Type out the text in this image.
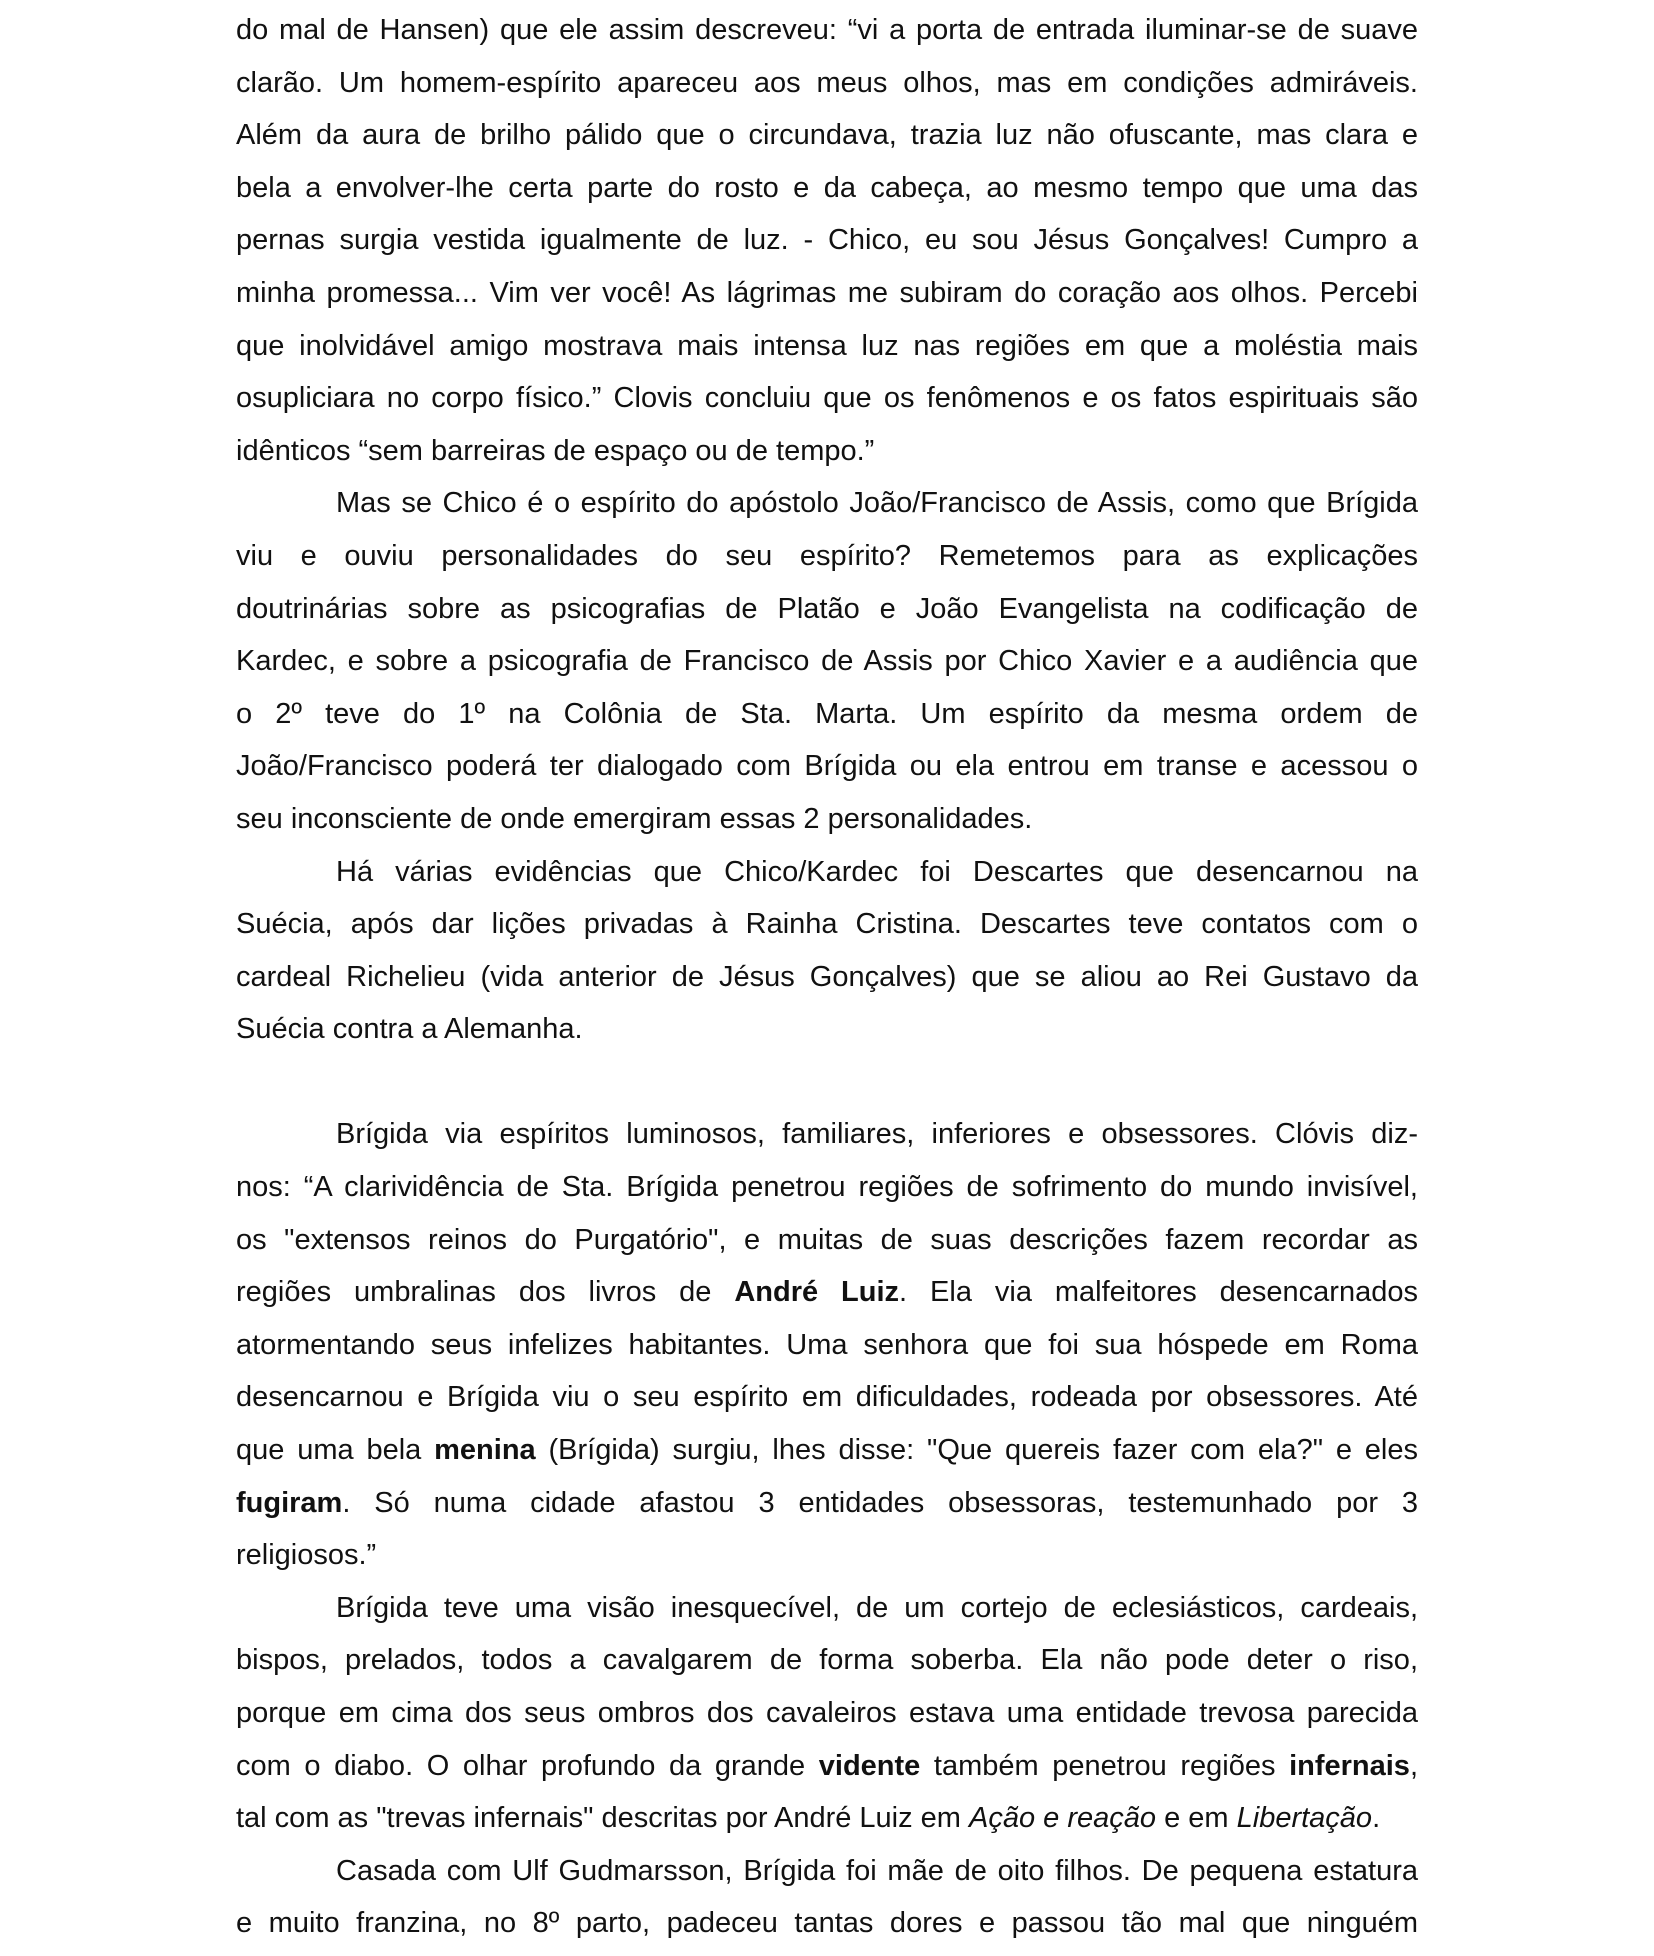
do mal de Hansen) que ele assim descreveu: “vi a porta de entrada iluminar-se de suave
clarão. Um homem-espírito apareceu aos meus olhos, mas em condições admiráveis.
Além da aura de brilho pálido que o circundava, trazia luz não ofuscante, mas clara e
bela a envolver-lhe certa parte do rosto e da cabeça, ao mesmo tempo que uma das
pernas surgia vestida igualmente de luz. - Chico, eu sou Jésus Gonçalves! Cumpro a
minha promessa... Vim ver você! As lágrimas me subiram do coração aos olhos. Percebi
que inolvidável amigo mostrava mais intensa luz nas regiões em que a moléstia mais
osupliciara no corpo físico.” Clovis concluiu que os fenômenos e os fatos espirituais são
idênticos “sem barreiras de espaço ou de tempo.”
Mas se Chico é o espírito do apóstolo João/Francisco de Assis, como que Brígida
viu e ouviu personalidades do seu espírito? Remetemos para as explicações
doutrinárias sobre as psicografias de Platão e João Evangelista na codificação de
Kardec, e sobre a psicografia de Francisco de Assis por Chico Xavier e a audiência que
o 2º teve do 1º na Colônia de Sta. Marta. Um espírito da mesma ordem de
João/Francisco poderá ter dialogado com Brígida ou ela entrou em transe e acessou o
seu inconsciente de onde emergiram essas 2 personalidades.
Há várias evidências que Chico/Kardec foi Descartes que desencarnou na
Suécia, após dar lições privadas à Rainha Cristina. Descartes teve contatos com o
cardeal Richelieu (vida anterior de Jésus Gonçalves) que se aliou ao Rei Gustavo da
Suécia contra a Alemanha.
Brígida via espíritos luminosos, familiares, inferiores e obsessores. Clóvis diz-
nos: “A clarividência de Sta. Brígida penetrou regiões de sofrimento do mundo invisível,
os "extensos reinos do Purgatório", e muitas de suas descrições fazem recordar as
regiões umbralinas dos livros de André Luiz. Ela via malfeitores desencarnados
atormentando seus infelizes habitantes. Uma senhora que foi sua hóspede em Roma
desencarnou e Brígida viu o seu espírito em dificuldades, rodeada por obsessores. Até
que uma bela menina (Brígida) surgiu, lhes disse: "Que quereis fazer com ela?" e eles
fugiram. Só numa cidade afastou 3 entidades obsessoras, testemunhado por 3
religiosos.”
Brígida teve uma visão inesquecível, de um cortejo de eclesiásticos, cardeais,
bispos, prelados, todos a cavalgarem de forma soberba. Ela não pode deter o riso,
porque em cima dos seus ombros dos cavaleiros estava uma entidade trevosa parecida
com o diabo. O olhar profundo da grande vidente também penetrou regiões infernais,
tal com as "trevas infernais" descritas por André Luiz em Ação e reação e em Libertação.
Casada com Ulf Gudmarsson, Brígida foi mãe de oito filhos. De pequena estatura
e muito franzina, no 8º parto, padeceu tantas dores e passou tão mal que ninguém
